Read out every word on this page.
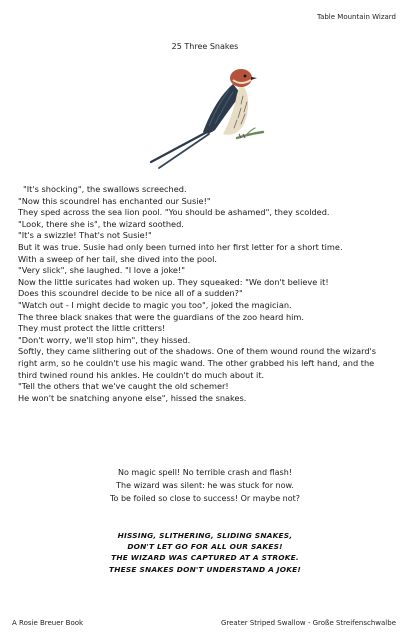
Table Mountain Wizard
25 Three Snakes
"It's shocking", the swallows screeched.
"Now this scoundrel has enchanted our Susie!"
They sped across the sea lion pool. "You should be ashamed", they scolded.
"Look, there she is", the wizard soothed.
"It's a swizzle! That's not Susie!"
But it was true. Susie had only been turned into her first letter for a short time.
With a sweep of her tail, she dived into the pool.
"Very slick", she laughed. "I love a joke!"
Now the little suricates had woken up. They squeaked: "We don't believe it!
Does this scoundrel decide to be nice all of a sudden?"
"Watch out - I might decide to magic you too", joked the magician.
The three black snakes that were the guardians of the zoo heard him.
They must protect the little critters!
"Don't worry, we'll stop him", they hissed.
Softly, they came slithering out of the shadows. One of them wound round the wizard's
right arm, so he couldn't use his magic wand. The other grabbed his left hand, and the
third twined round his ankles. He couldn't do much about it.
"Tell the others that we've caught the old schemer!
He won't be snatching anyone else", hissed the snakes.
No magic spell! No terrible crash and flash!
The wizard was silent: he was stuck for now.
To be foiled so close to success! Or maybe not?
HISSING, SLITHERING, SLIDING SNAKES,
DON'T LET GO FOR ALL OUR SAKES!
THE WIZARD WAS CAPTURED AT A STROKE.
THESE SNAKES DON'T UNDERSTAND A JOKE!
A Rosie Breuer Book	Greater Striped Swallow - Große Streifenschwalbe
